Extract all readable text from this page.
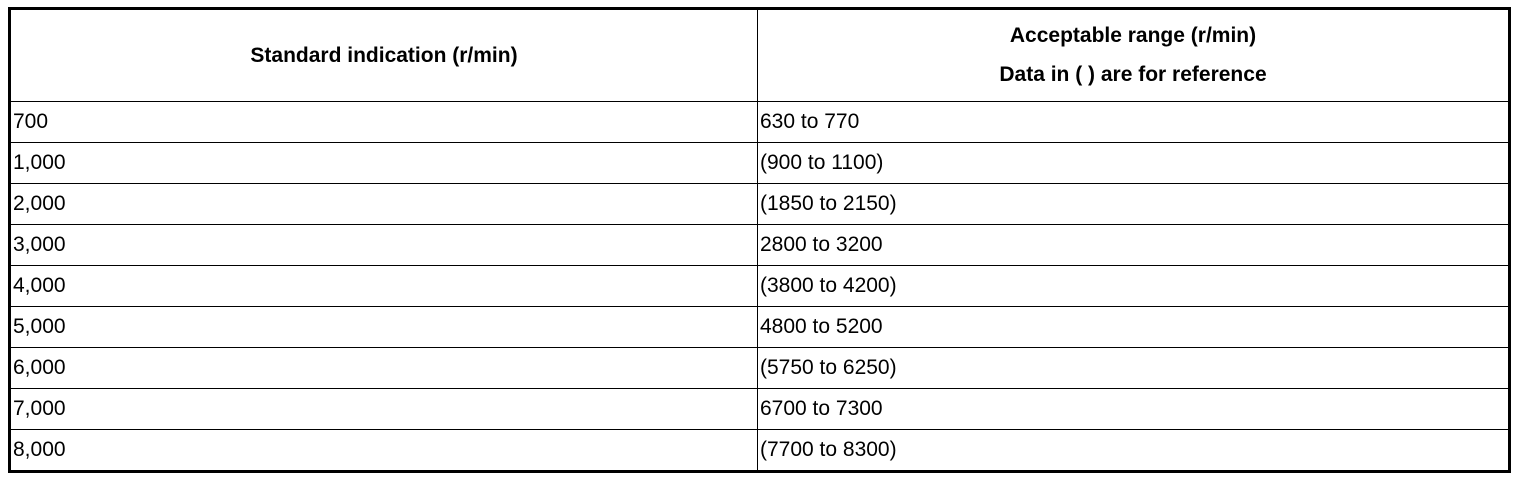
Standard indication (r/min)	Acceptable range (r/min)
Data in ( ) are for reference

700	630 to 770
1,000	(900 to 1100)
2,000	(1850 to 2150)
3,000	2800 to 3200
4,000	(3800 to 4200)
5,000	4800 to 5200
6,000	(5750 to 6250)
7,000	6700 to 7300
8,000	(7700 to 8300)
